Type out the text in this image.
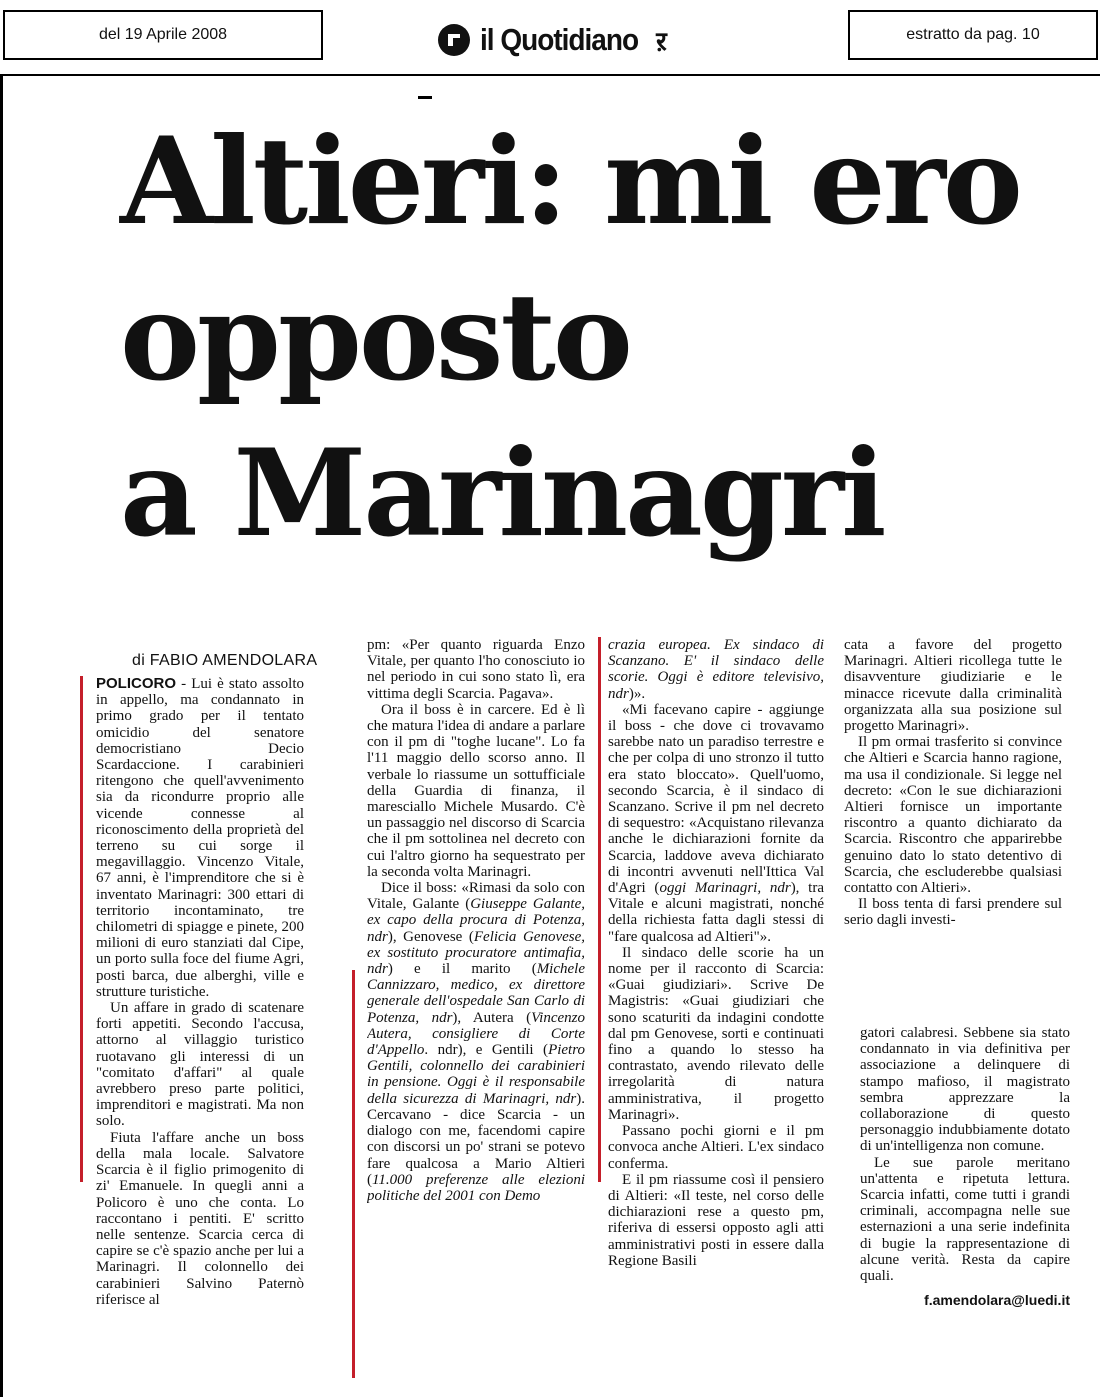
del 19 Aprile 2008	il Quotidiano ऱ	estratto da pag. 10
Altieri: mi ero
opposto
a Marinagri
di FABIO AMENDOLARA

POLICORO - Lui è stato assolto in appello, ma condannato in primo grado per il tentato omicidio del senatore democristiano Decio Scardaccione. I carabinieri ritengono che quell'avvenimento sia da ricondurre proprio alle vicende connesse al riconoscimento della proprietà del terreno su cui sorge il megavillaggio. Vincenzo Vitale, 67 anni, è l'imprenditore che si è inventato Marinagri: 300 ettari di territorio incontaminato, tre chilometri di spiagge e pinete, 200 milioni di euro stanziati dal Cipe, un porto sulla foce del fiume Agri, posti barca, due alberghi, ville e strutture turistiche.

Un affare in grado di scatenare forti appetiti. Secondo l'accusa, attorno al villaggio turistico ruotavano gli interessi di un "comitato d'affari" al quale avrebbero preso parte politici, imprenditori e magistrati. Ma non solo.

Fiuta l'affare anche un boss della mala locale. Salvatore Scarcia è il figlio primogenito di zi' Emanuele. In quegli anni a Policoro è uno che conta. Lo raccontano i pentiti. E' scritto nelle sentenze. Scarcia cerca di capire se c'è spazio anche per lui a Marinagri. Il colonnello dei carabinieri Salvino Paternò riferisce al

pm: «Per quanto riguarda Enzo Vitale, per quanto l'ho conosciuto io nel periodo in cui sono stato lì, era vittima degli Scarcia. Pagava».

Ora il boss è in carcere. Ed è lì che matura l'idea di andare a parlare con il pm di "toghe lucane". Lo fa l'11 maggio dello scorso anno. Il verbale lo riassume un sottufficiale della Guardia di finanza, il maresciallo Michele Musardo. C'è un passaggio nel discorso di Scarcia che il pm sottolinea nel decreto con cui l'altro giorno ha sequestrato per la seconda volta Marinagri.

Dice il boss: «Rimasi da solo con Vitale, Galante (Giuseppe Galante, ex capo della procura di Potenza, ndr), Genovese (Felicia Genovese, ex sostituto procuratore antimafia, ndr) e il marito (Michele Cannizzaro, medico, ex direttore generale dell'ospedale San Carlo di Potenza, ndr), Autera (Vincenzo Autera, consigliere di Corte d'Appello. ndr), e Gentili (Pietro Gentili, colonnello dei carabinieri in pensione. Oggi è il responsabile della sicurezza di Marinagri, ndr). Cercavano - dice Scarcia - un dialogo con me, facendomi capire con discorsi un po' strani se potevo fare qualcosa a Mario Altieri (11.000 preferenze alle elezioni politiche del 2001 con Demo

crazia europea. Ex sindaco di Scanzano. E' il sindaco delle scorie. Oggi è editore televisivo, ndr)».

«Mi facevano capire - aggiunge il boss - che dove ci trovavamo sarebbe nato un paradiso terrestre e che per colpa di uno stronzo il tutto era stato bloccato». Quell'uomo, secondo Scarcia, è il sindaco di Scanzano. Scrive il pm nel decreto di sequestro: «Acquistano rilevanza anche le dichiarazioni fornite da Scarcia, laddove aveva dichiarato di incontri avvenuti nell'Ittica Val d'Agri (oggi Marinagri, ndr), tra Vitale e alcuni magistrati, nonché della richiesta fatta dagli stessi di "fare qualcosa ad Altieri"».

Il sindaco delle scorie ha un nome per il racconto di Scarcia: «Guai giudiziari». Scrive De Magistris: «Guai giudiziari che sono scaturiti da indagini condotte dal pm Genovese, sorti e continuati fino a quando lo stesso ha contrastato, avendo rilevato delle irregolarità di natura amministrativa, il progetto Marinagri».

Passano pochi giorni e il pm convoca anche Altieri. L'ex sindaco conferma.

E il pm riassume così il pensiero di Altieri: «Il teste, nel corso delle dichiarazioni rese a questo pm, riferiva di essersi opposto agli atti amministrativi posti in essere dalla Regione Basili

cata a favore del progetto Marinagri. Altieri ricollega tutte le disavventure giudiziarie e le minacce ricevute dalla criminalità organizzata alla sua posizione sul progetto Marinagri».

Il pm ormai trasferito si convince che Altieri e Scarcia hanno ragione, ma usa il condizionale. Si legge nel decreto: «Con le sue dichiarazioni Altieri fornisce un importante riscontro a quanto dichiarato da Scarcia. Riscontro che apparirebbe genuino dato lo stato detentivo di Scarcia, che escluderebbe qualsiasi contatto con Altieri».

Il boss tenta di farsi prendere sul serio dagli investi-

gatori calabresi. Sebbene sia stato condannato in via definitiva per associazione a delinquere di stampo mafioso, il magistrato sembra apprezzare la collaborazione di questo personaggio indubbiamente dotato di un'intelligenza non comune.

Le sue parole meritano un'attenta e ripetuta lettura. Scarcia infatti, come tutti i grandi criminali, accompagna nelle sue esternazioni a una serie indefinita di bugie la rappresentazione di alcune verità. Resta da capire quali.

f.amendolara@luedi.it
